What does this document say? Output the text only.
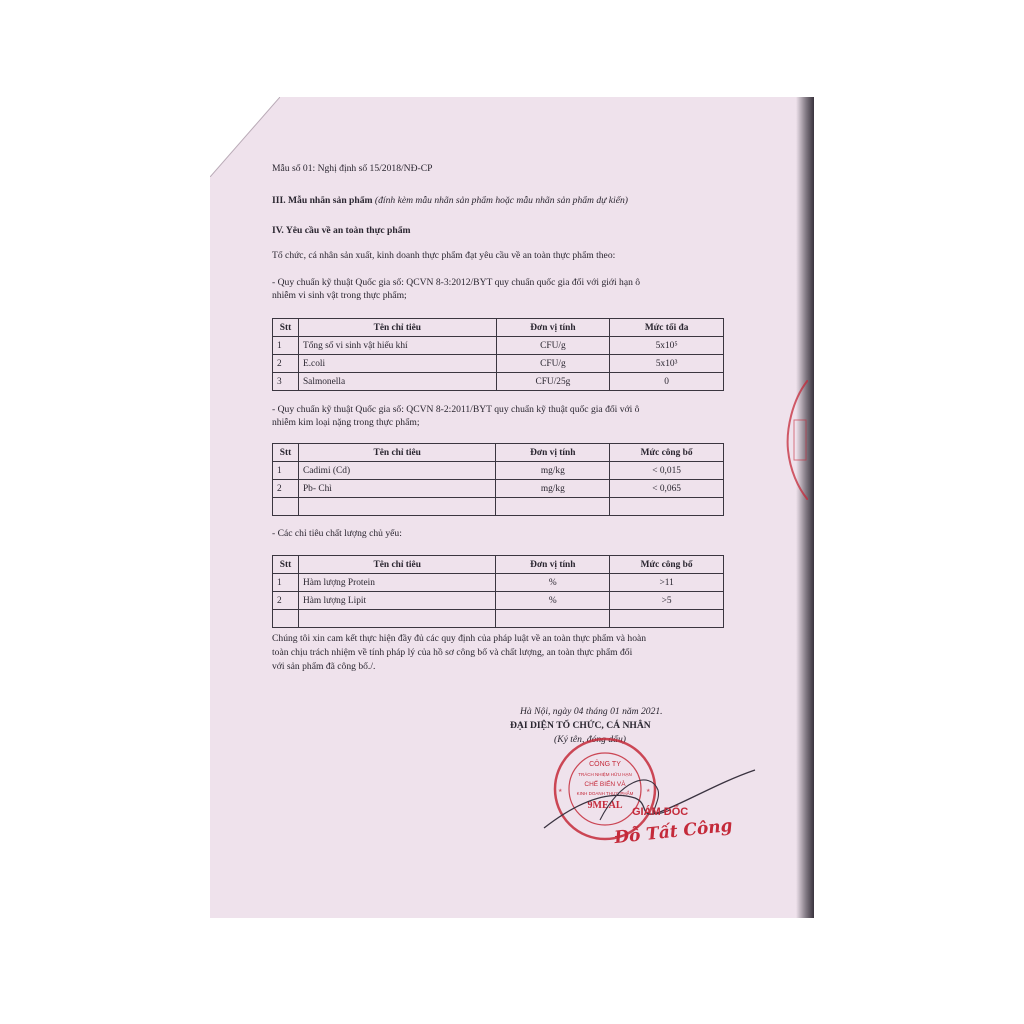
Mẫu số 01: Nghị định số 15/2018/NĐ-CP
III. Mẫu nhãn sản phẩm (đính kèm mẫu nhãn sản phẩm hoặc mẫu nhãn sản phẩm dự kiến)
IV. Yêu cầu về an toàn thực phẩm
Tổ chức, cá nhân sản xuất, kinh doanh thực phẩm đạt yêu cầu về an toàn thực phẩm theo:
- Quy chuẩn kỹ thuật Quốc gia số: QCVN 8-3:2012/BYT quy chuẩn quốc gia đối với giới hạn ô
nhiễm vi sinh vật trong thực phẩm;
Stt	Tên chỉ tiêu	Đơn vị tính	Mức tối đa
1	Tổng số vi sinh vật hiếu khí	CFU/g	5x10⁵
2	E.coli	CFU/g	5x10³
3	Salmonella	CFU/25g	0
- Quy chuẩn kỹ thuật Quốc gia số: QCVN 8-2:2011/BYT quy chuẩn kỹ thuật quốc gia đối với ô
nhiễm kim loại nặng trong thực phẩm;
Stt	Tên chỉ tiêu	Đơn vị tính	Mức công bố
1	Cadimi (Cd)	mg/kg	< 0,015
2	Pb- Chì	mg/kg	< 0,065

- Các chỉ tiêu chất lượng chủ yếu:
Stt	Tên chỉ tiêu	Đơn vị tính	Mức công bố
1	Hàm lượng Protein	%	>11
2	Hàm lượng Lipit	%	>5

Chúng tôi xin cam kết thực hiện đầy đủ các quy định của pháp luật về an toàn thực phẩm và hoàn
toàn chịu trách nhiệm về tính pháp lý của hồ sơ công bố và chất lượng, an toàn thực phẩm đối
với sản phẩm đã công bố./.
Hà Nội, ngày 04 tháng 01 năm 2021.
ĐẠI DIỆN TỔ CHỨC, CÁ NHÂN
(Ký tên, đóng dấu)
CÔNG TY
TRÁCH NHIỆM HỮU HẠN
CHẾ BIẾN VÀ
KINH DOANH THỰC PHẨM
9MEAL
★	★
GIÁM ĐỐC
Đỗ Tất Công
